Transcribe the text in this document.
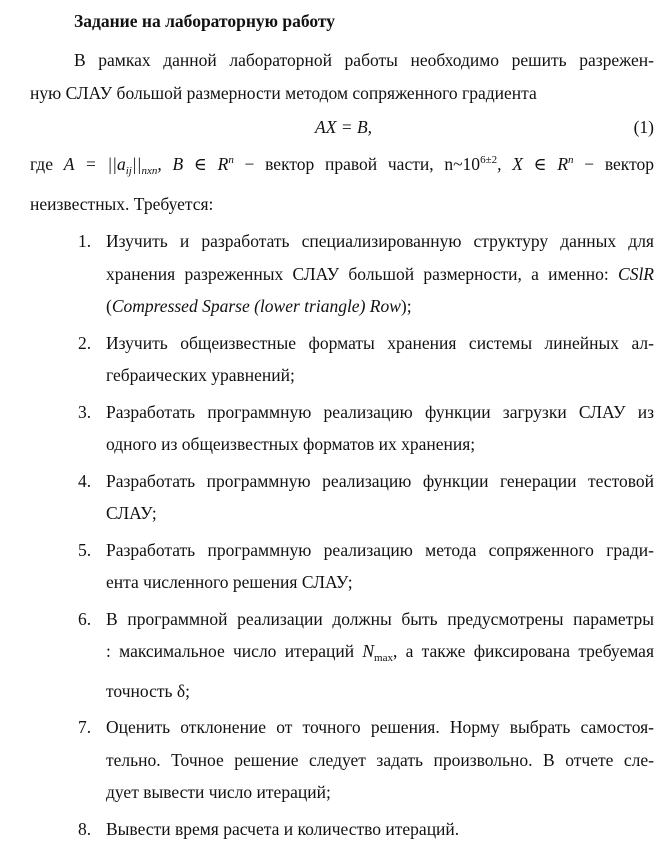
Задание на лабораторную работу
В рамках данной лабораторной работы необходимо решить разрежен-
ную СЛАУ большой размерности методом сопряженного градиента
AX = B,	(1)
где $A = ||a_{ij}||_{nxn}$, B ∈ $R^n$ − вектор правой части, $n\sim 10^{6\pm 2}$, X ∈ $R^n$ − вектор
неизвестных. Требуется:
1. Изучить и разработать специализированную структуру данных для
хранения разреженных СЛАУ большой размерности, а именно: CSlR
(Compressed Sparse (lower triangle) Row);
2. Изучить общеизвестные форматы хранения системы линейных ал-
гебраических уравнений;
3. Разработать программную реализацию функции загрузки СЛАУ из
одного из общеизвестных форматов их хранения;
4. Разработать программную реализацию функции генерации тестовой
СЛАУ;
5. Разработать программную реализацию метода сопряженного гради-
ента численного решения СЛАУ;
6. В программной реализации должны быть предусмотрены параметры
: максимальное число итераций $N_{max}$, а также фиксирована требуемая
точность δ;
7. Оценить отклонение от точного решения. Норму выбрать самостоя-
тельно. Точное решение следует задать произвольно. В отчете сле-
дует вывести число итераций;
8. Вывести время расчета и количество итераций.
